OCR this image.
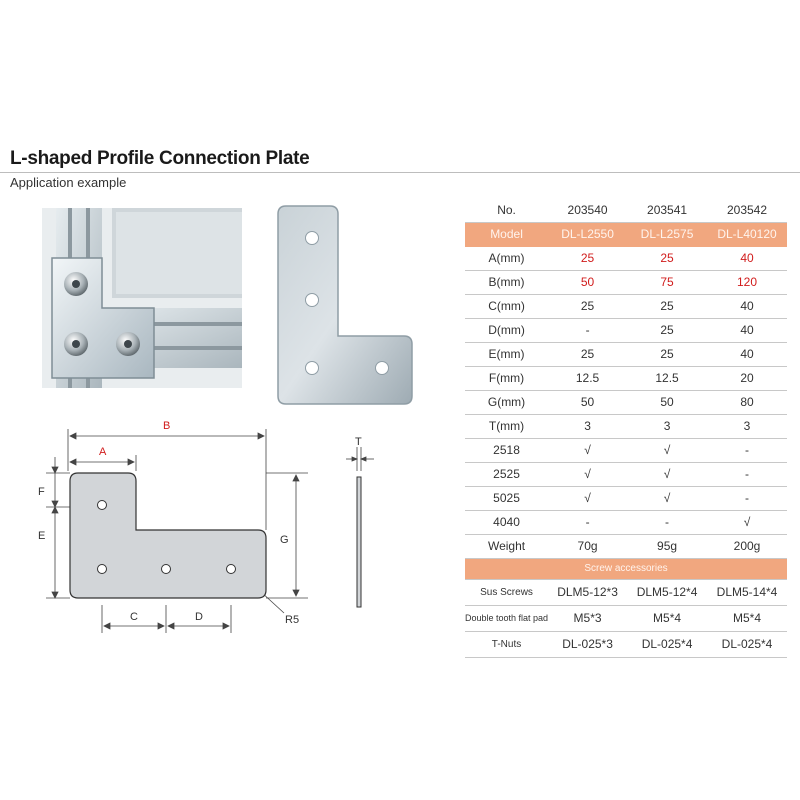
L-shaped Profile Connection Plate
Application example
B
A
F
E	G
C	D	R5
T
No.	203540	203541	203542
Model	DL-L2550	DL-L2575	DL-L40120
A(mm)	25	25	40
B(mm)	50	75	120
C(mm)	25	25	40
D(mm)	-	25	40
E(mm)	25	25	40
F(mm)	12.5	12.5	20
G(mm)	50	50	80
T(mm)	3	3	3
2518	√	√	-
2525	√	√	-
5025	√	√	-
4040	-	-	√
Weight	70g	95g	200g
Screw accessories			
Sus Screws	DLM5-12*3	DLM5-12*4	DLM5-14*4
Double tooth flat pad	M5*3	M5*4	M5*4
T-Nuts	DL-025*3	DL-025*4	DL-025*4
